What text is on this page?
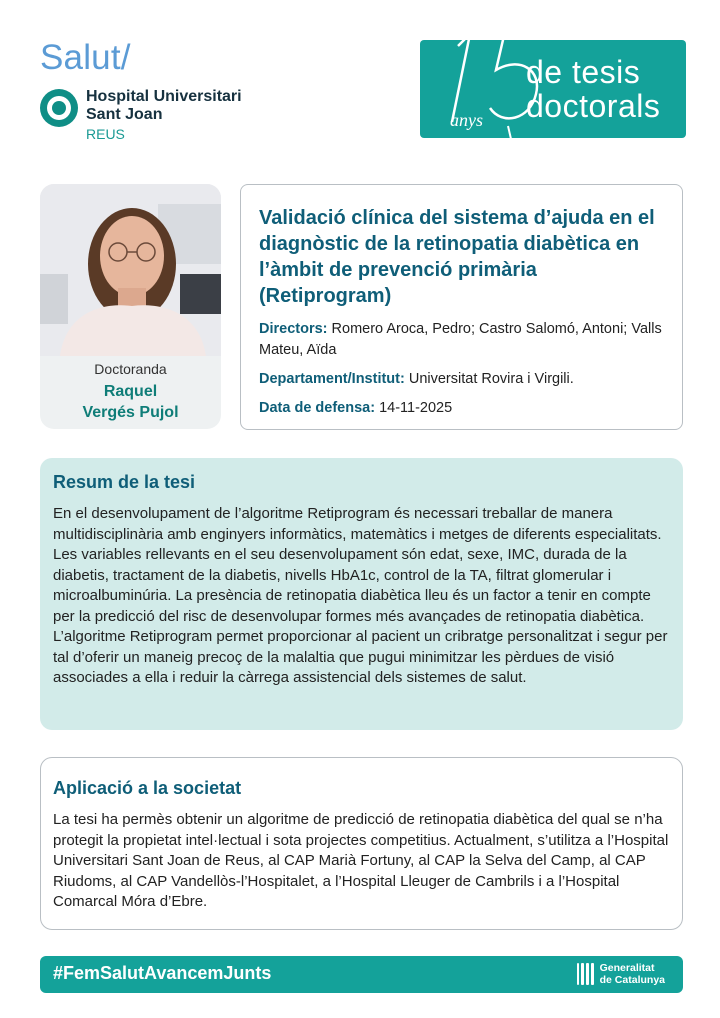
Salut/
Hospital Universitari
Sant Joan
REUS
anys
de tesis
doctorals
Doctoranda
Raquel
Vergés Pujol
Validació clínica del sistema d’ajuda en el diagnòstic de la retinopatia diabètica en l’àmbit de prevenció primària (Retiprogram)
Directors: Romero Aroca, Pedro; Castro Salomó, Antoni; Valls Mateu, Aïda
Departament/Institut: Universitat Rovira i Virgili.
Data de defensa: 14-11-2025
Resum de la tesi
En el desenvolupament de l’algoritme Retiprogram és necessari treballar de manera multidisciplinària amb enginyers informàtics, matemàtics i metges de diferents especialitats. Les variables rellevants en el seu desenvolupament són edat, sexe, IMC, durada de la diabetis, tractament de la diabetis, nivells HbA1c, control de la TA, filtrat glomerular i microalbuminúria. La presència de retinopatia diabètica lleu és un factor a tenir en compte per la predicció del risc de desenvolupar formes més avançades de retinopatia diabètica. L’algoritme Retiprogram permet proporcionar al pacient un cribratge personalitzat i segur per tal d’oferir un maneig precoç de la malaltia que pugui minimitzar les pèrdues de visió associades a ella i reduir la càrrega assistencial dels sistemes de salut.
Aplicació a la societat
La tesi ha permès obtenir un algoritme de predicció de retinopatia diabètica del qual se n’ha protegit la propietat intel·lectual i sota projectes competitius. Actualment, s’utilitza a l’Hospital Universitari Sant Joan de Reus, al CAP Marià Fortuny, al CAP la Selva del Camp, al CAP Riudoms, al CAP Vandellòs-l’Hospitalet, a l’Hospital Lleuger de Cambrils i a l’Hospital Comarcal Móra d’Ebre.
#FemSalutAvancemJunts	Generalitat
de Catalunya
